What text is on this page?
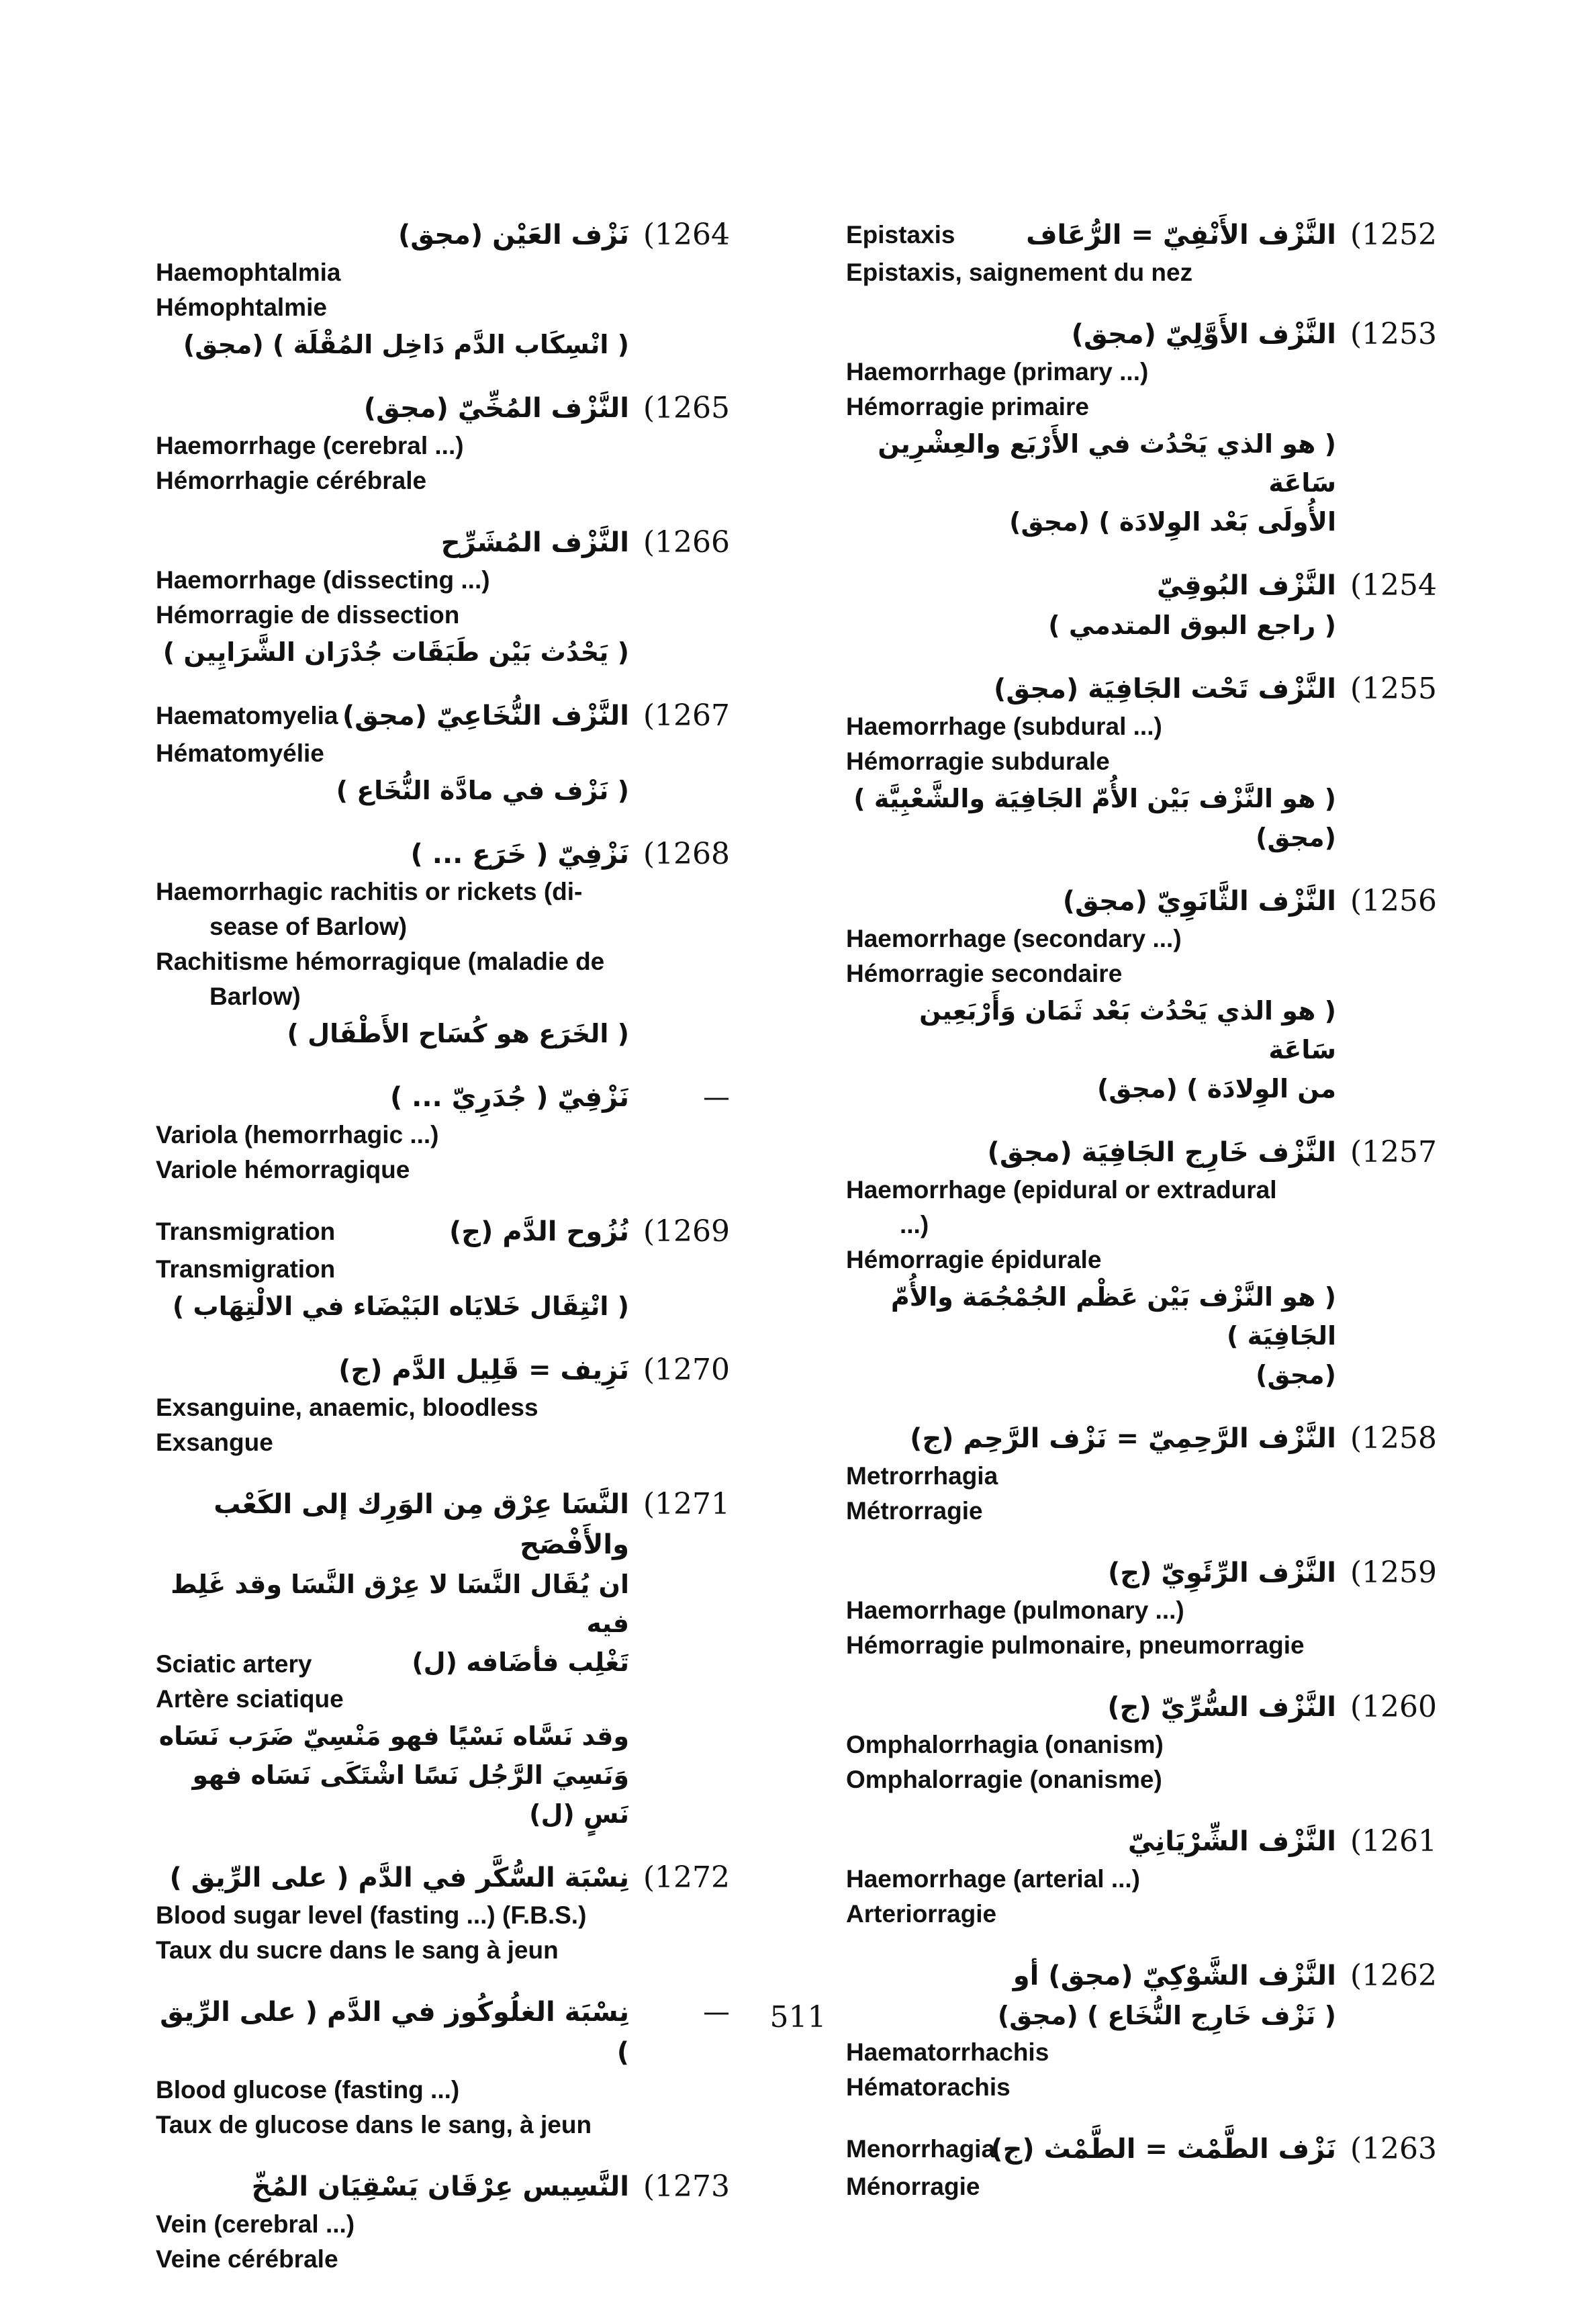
(1264
نَزْف العَيْن (مجق)
Haemophtalmia
Hémophtalmie
( انْسِكَاب الدَّم دَاخِل المُقْلَة ) (مجق)
(1265
النَّزْف المُخِّيّ (مجق)
Haemorrhage (cerebral ...)
Hémorrhagie cérébrale
(1266
النَّزْف المُشَرِّح
Haemorrhage (dissecting ...)
Hémorragie de dissection
( يَحْدُث بَيْن طَبَقَات جُدْرَان الشَّرَايِين )
(1267
النَّزْف النُّخَاعِيّ (مجق)
Haematomyelia
Hématomyélie
( نَزْف في مادَّة النُّخَاع )
(1268
نَزْفِيّ ( خَرَع ... )
Haemorrhagic rachitis or rickets (di-
sease of Barlow)
Rachitisme hémorragique (maladie de
Barlow)
( الخَرَع هو كُسَاح الأَطْفَال )
—
نَزْفِيّ ( جُدَرِيّ ... )
Variola (hemorrhagic ...)
Variole hémorragique
(1269
نُزُوح الدَّم (ج)
Transmigration
Transmigration
( انْتِقَال خَلايَاه البَيْضَاء في الالْتِهَاب )
(1270
نَزِيف = قَلِيل الدَّم (ج)
Exsanguine, anaemic, bloodless
Exsangue
(1271
النَّسَا عِرْق مِن الوَرِك إلى الكَعْب والأَفْصَح
ان يُقَال النَّسَا لا عِرْق النَّسَا وقد غَلِط فيه
تَغْلِب فأضَافه (ل)
Sciatic artery
Artère sciatique
وقد نَسَّاه نَسْيًا فهو مَنْسِيّ ضَرَب نَسَاه
وَنَسِيَ الرَّجُل نَسًا اشْتَكَى نَسَاه فهو نَسٍ (ل)
(1272
نِسْبَة السُّكَّر في الدَّم ( على الرِّيق )
Blood sugar level (fasting ...) (F.B.S.)
Taux du sucre dans le sang à jeun
—
نِسْبَة الغلُوكُوز في الدَّم ( على الرِّيق )
Blood glucose (fasting ...)
Taux de glucose dans le sang, à jeun
(1273
النَّسِيس عِرْقَان يَسْقِيَان المُخّ
Vein (cerebral ...)
Veine cérébrale
(1252
النَّزْف الأَنْفِيّ = الرُّعَاف
Epistaxis
Epistaxis, saignement du nez
(1253
النَّزْف الأَوَّلِيّ (مجق)
Haemorrhage (primary ...)
Hémorragie primaire
( هو الذي يَحْدُث في الأَرْبَع والعِشْرِين سَاعَة
الأُولَى بَعْد الوِلادَة ) (مجق)
(1254
النَّزْف البُوقِيّ
( راجع البوق المتدمي )
(1255
النَّزْف تَحْت الجَافِيَة (مجق)
Haemorrhage (subdural ...)
Hémorragie subdurale
( هو النَّزْف بَيْن الأُمّ الجَافِيَة والشَّعْبِيَّة )
(مجق)
(1256
النَّزْف الثَّانَوِيّ (مجق)
Haemorrhage (secondary ...)
Hémorragie secondaire
( هو الذي يَحْدُث بَعْد ثَمَان وَأَرْبَعِين سَاعَة
من الوِلادَة ) (مجق)
(1257
النَّزْف خَارِج الجَافِيَة (مجق)
Haemorrhage (epidural or extradural
...)
Hémorragie épidurale
( هو النَّزْف بَيْن عَظْم الجُمْجُمَة والأُمّ الجَافِيَة )
(مجق)
(1258
النَّزْف الرَّحِمِيّ = نَزْف الرَّحِم (ج)
Metrorrhagia
Métrorragie
(1259
النَّزْف الرِّئَوِيّ (ج)
Haemorrhage (pulmonary ...)
Hémorragie pulmonaire, pneumorragie
(1260
النَّزْف السُّرِّيّ (ج)
Omphalorrhagia (onanism)
Omphalorragie (onanisme)
(1261
النَّزْف الشِّرْيَانِيّ
Haemorrhage (arterial ...)
Arteriorragie
(1262
النَّزْف الشَّوْكِيّ (مجق) أو
( نَزْف خَارِج النُّخَاع ) (مجق)
Haematorrhachis
Hématorachis
(1263
نَزْف الطَّمْث = الطَّمْث (ج)
Menorrhagia
Ménorragie
511
